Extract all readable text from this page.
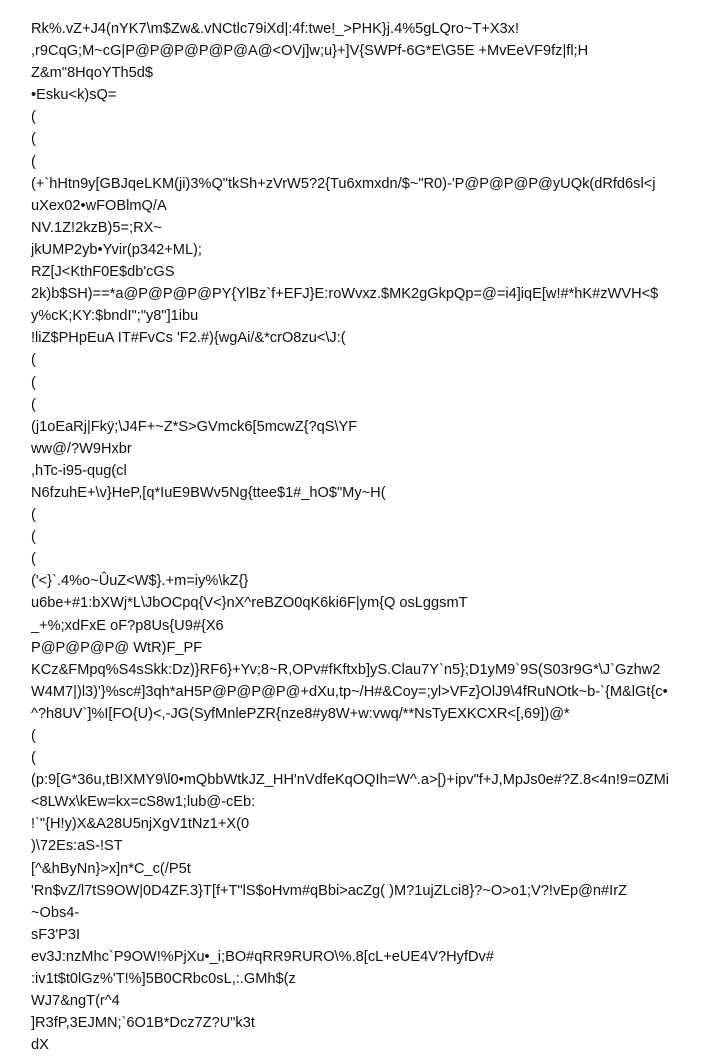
Rk%.vZ+J4(nYK7\m$Zw&.vNCtlc79iXd|:4f:twe!_>PHK}j.4%5gLQro~T+X3x!
,r9CqG;M~cG|P@P@P@P@P@A@<OVj]w;u}+]V{SWPf-6G*E\G5E +MvEeVF9fz|fl;H
Z&m"8HqoYTh5d$
•Esku<k)sQ=
(
(
(
(+`hHtn9y[GBJqeLKM(ji)3%Q"tkSh+zVrW5?2{Tu6xmxdn/$~"R0)-'P@P@P@P@yUQk(dRfd6sl<j
uXex02•wFOBlmQ/A
NV.1Z!2kzB)5=;RX~
jkUMP2yb•Yvir(p342+ML);
RZ[J<KthF0E$db'cGS
2k)b$SH)==*a@P@P@P@PY{YlBz`f+EFJ}E:roWvxz.$MK2gGkpQp=@=i4]iqE[w!#*hK#zWVH<$
y%cK;KY:$bndI";"y8"]1ibu
!liZ$PHpEuA IT#FvCs 'F2.#){wgAi/&*crO8zu<\J:(
(
(
(
(j1oEaRj|Fkÿ;\J4F+~Z*S>GVmck6[5mcwZ{?qS\YF
ww@/?W9Hxbr
,hTc-i95-qug(cl
N6fzuhE+\v}HeP,[q*IuE9BWv5Ng{ttee$1#_hO$"My~H(
(
(
(
('<}`.4%o~ÛuZ<W$}.+m=iy%\kZ{}
u6be+#1:bXWj*L\JbOCpq{V<}nX^reBZO0qK6ki6F|ym{Q osLggsmT
_+%;xdFxE oF?p8Us{U9#{X6
P@P@P@P@ WtR)F_PF
KCz&FMpq%S4sSkk:Dz)}RF6}+Yv;8~R,OPv#fKftxb]yS.Clau7Y`n5};D1yM9`9S(S03r9G*\J`Gzhw2
W4M7|)l3)'}%sc#]3qh*aH5P@P@P@P@+dXu,tp~/H#&Coy=;yl>VFz}OlJ9\4fRuNOtk~b-`{M&lGt{c•
^?h8UV`]%I[FO{U)<,-JG(SyfMnlePZR{nze8#y8W+w:vwq/**NsTyEXKCXR<[,69])@*
(
(
(p:9[G*36u,tB!XMY9\l0•mQbbWtkJZ_HH'nVdfeKqOQIh=W^.a>[)+ipv"f+J,MpJs0e#?Z.8<4n!9=0ZMi
<8LWx\kEw=kx=cS8w1;lub@-cEb:
!`"{H!y)X&A28U5njXgV1tNz1+X(0
)\72Es:aS-!ST
[^&hByNn}>x]n*C_c(/P5t
'Rn$vZ/l7tS9OW|0D4ZF.3}T[f+T"lS$oHvm#qBbi>acZg( )M?1ujZLci8}?~O>o1;V?!vEp@n#IrZ
~Obs4-
sF3'P3I
ev3J:nzMhc`P9OW!%PjXu•_i;BO#qRR9RURO\%.8[cL+eUE4V?HyfDv#
:iv1t$t0lGz%'T!%]5B0CRbc0sL,:.GMh$(z
WJ7&ngT(r^4
]R3fP,3EJMN;`6O1B*Dcz7Z?U"k3t
dX
